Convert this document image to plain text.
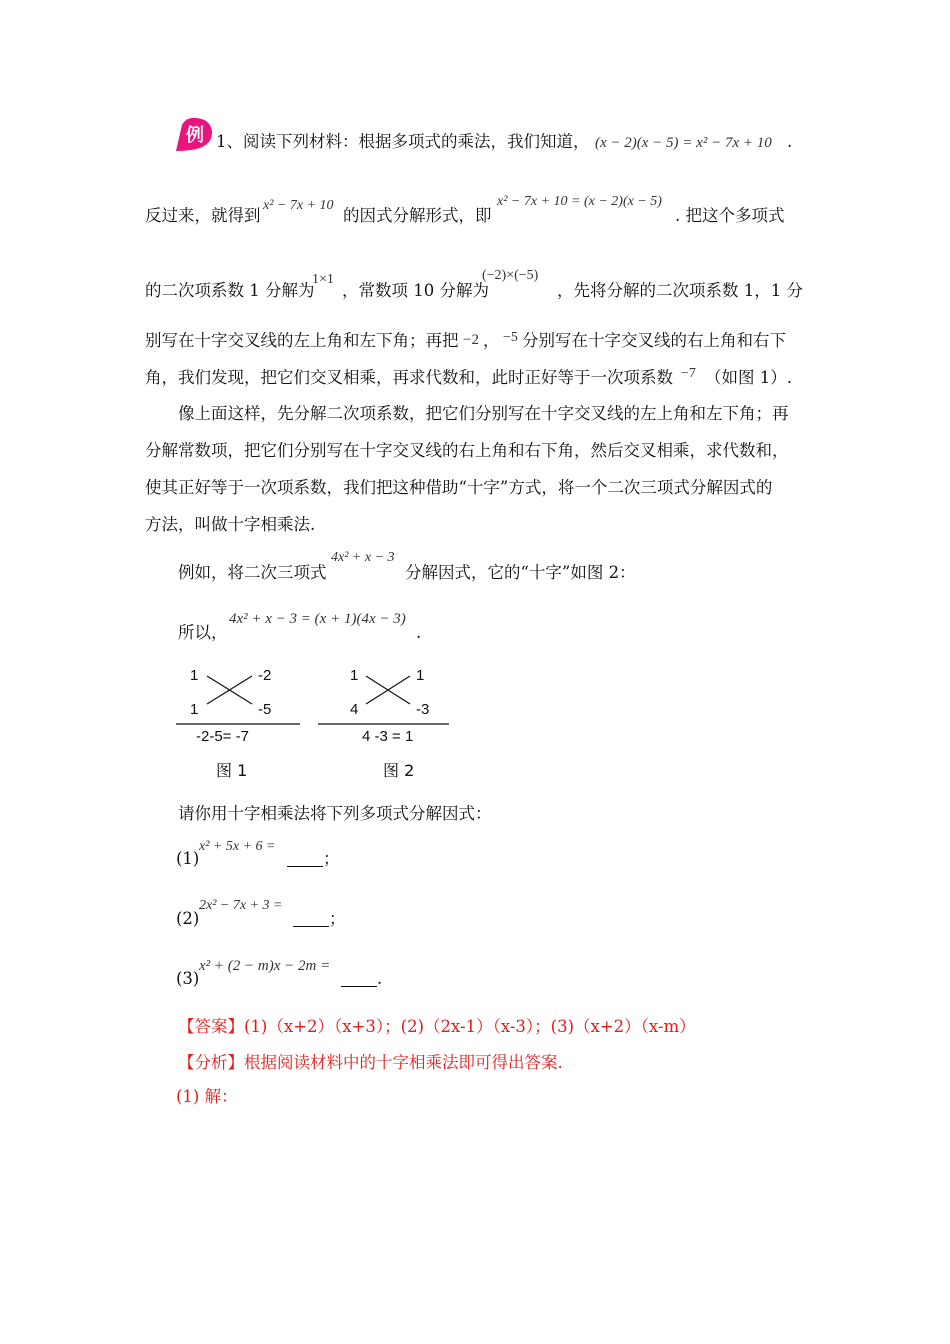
例 1、阅读下列材料：根据多项式的乘法，我们知道， (x − 2)(x − 5) = x² − 7x + 10 .
反过来，就得到
x² − 7x + 10
的因式分解形式，即
x² − 7x + 10 = (x − 2)(x − 5)
. 把这个多项式
的二次项系数 1 分解为
1×1
，常数项 10 分解为
(−2)×(−5)
，先将分解的二次项系数 1，1 分
别写在十字交叉线的左上角和左下角；再把 −2 ， −5 分别写在十字交叉线的右上角和右下
角，我们发现，把它们交叉相乘，再求代数和，此时正好等于一次项系数 −7 （如图 1）.
像上面这样，先分解二次项系数，把它们分别写在十字交叉线的左上角和左下角；再
分解常数项，把它们分别写在十字交叉线的右上角和右下角，然后交叉相乘，求代数和，
使其正好等于一次项系数，我们把这种借助“十字”方式，将一个二次三项式分解因式的
方法，叫做十字相乘法.
例如，将二次三项式
4x² + x − 3
分解因式，它的“十字”如图 2：
所以，
4x² + x − 3 = (x + 1)(4x − 3)
.
1	-2
1	-5
-2-5= -7
图 1
1	1
4	-3
4 -3 = 1
图 2
请你用十字相乘法将下列多项式分解因式：
(1)
x² + 5x + 6 =
；
(2)
2x² − 7x + 3 =
；
(3)
x² + (2 − m)x − 2m =
.
【答案】(1)（x+2）（x+3）；(2)（2x-1）（x-3）；(3)（x+2）（x-m）
【分析】根据阅读材料中的十字相乘法即可得出答案.
(1) 解：
